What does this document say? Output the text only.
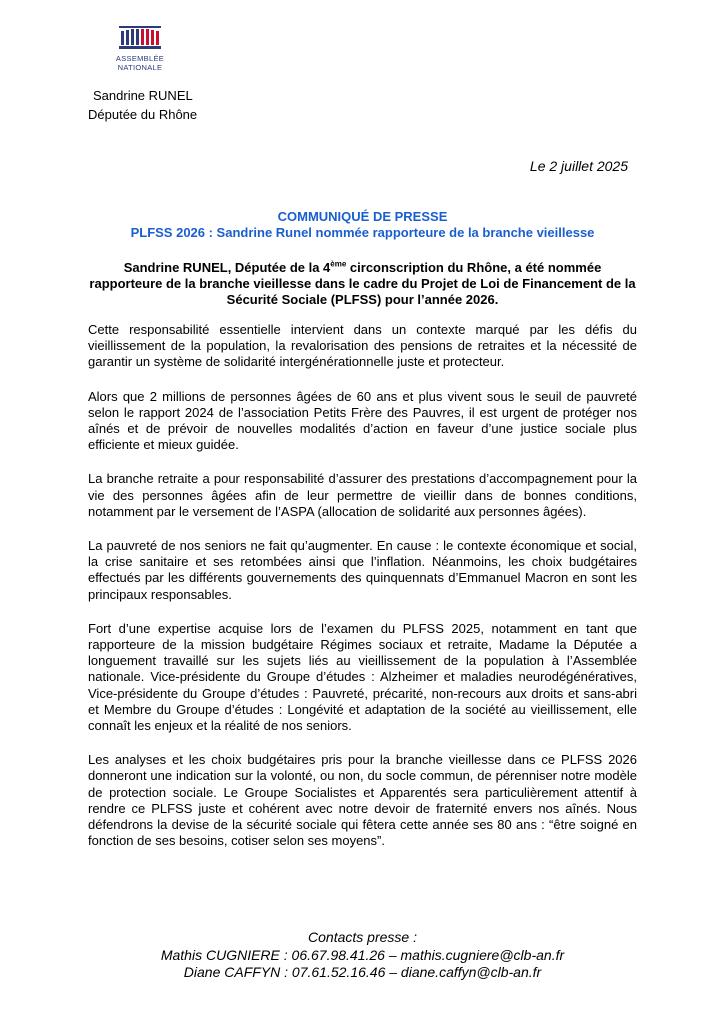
ASSEMBLÉE
NATIONALE
Sandrine RUNEL
Députée du Rhône
Le 2 juillet 2025
COMMUNIQUÉ DE PRESSE
PLFSS 2026 : Sandrine Runel nommée rapporteure de la branche vieillesse
Sandrine RUNEL, Députée de la 4ème circonscription du Rhône, a été nommée rapporteure de la branche vieillesse dans le cadre du Projet de Loi de Financement de la Sécurité Sociale (PLFSS) pour l’année 2026.

Cette responsabilité essentielle intervient dans un contexte marqué par les défis du vieillissement de la population, la revalorisation des pensions de retraites et la nécessité de garantir un système de solidarité intergénérationnelle juste et protecteur.

Alors que 2 millions de personnes âgées de 60 ans et plus vivent sous le seuil de pauvreté selon le rapport 2024 de l’association Petits Frère des Pauvres, il est urgent de protéger nos aînés et de prévoir de nouvelles modalités d’action en faveur d’une justice sociale plus efficiente et mieux guidée.

La branche retraite a pour responsabilité d’assurer des prestations d’accompagnement pour la vie des personnes âgées afin de leur permettre de vieillir dans de bonnes conditions, notamment par le versement de l’ASPA (allocation de solidarité aux personnes âgées).

La pauvreté de nos seniors ne fait qu’augmenter. En cause : le contexte économique et social, la crise sanitaire et ses retombées ainsi que l’inflation. Néanmoins, les choix budgétaires effectués par les différents gouvernements des quinquennats d’Emmanuel Macron en sont les principaux responsables.

Fort d’une expertise acquise lors de l’examen du PLFSS 2025, notamment en tant que rapporteure de la mission budgétaire Régimes sociaux et retraite, Madame la Députée a longuement travaillé sur les sujets liés au vieillissement de la population à l’Assemblée nationale. Vice-présidente du Groupe d’études : Alzheimer et maladies neurodégénératives, Vice-présidente du Groupe d’études : Pauvreté, précarité, non-recours aux droits et sans-abri et Membre du Groupe d’études : Longévité et adaptation de la société au vieillissement, elle connaît les enjeux et la réalité de nos seniors.

Les analyses et les choix budgétaires pris pour la branche vieillesse dans ce PLFSS 2026 donneront une indication sur la volonté, ou non, du socle commun, de pérenniser notre modèle de protection sociale. Le Groupe Socialistes et Apparentés sera particulièrement attentif à rendre ce PLFSS juste et cohérent avec notre devoir de fraternité envers nos aînés. Nous défendrons la devise de la sécurité sociale qui fêtera cette année ses 80 ans : “être soigné en fonction de ses besoins, cotiser selon ses moyens”.

Contacts presse :
Mathis CUGNIERE : 06.67.98.41.26 – mathis.cugniere@clb-an.fr
Diane CAFFYN : 07.61.52.16.46 – diane.caffyn@clb-an.fr
